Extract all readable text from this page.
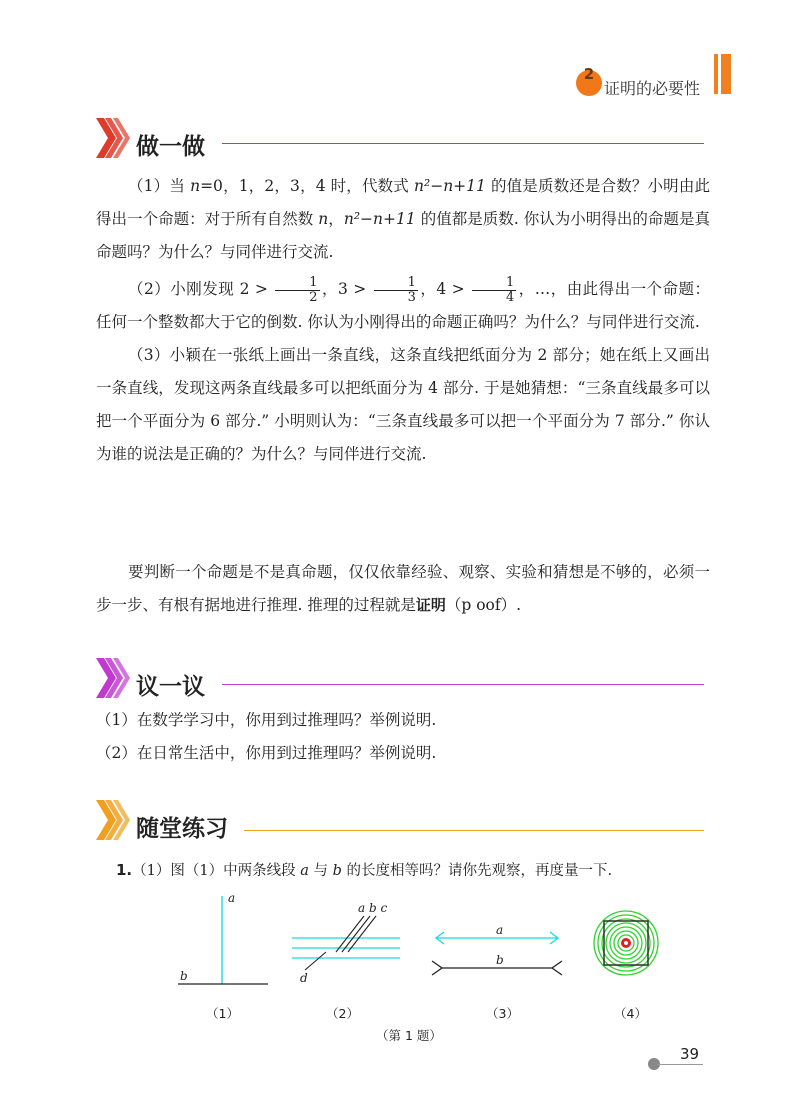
2
证明的必要性
做一做

（1）当 n=0，1，2，3，4 时，代数式 n²−n+11 的值是质数还是合数？小明由此得出一个命题：对于所有自然数 n，n²−n+11 的值都是质数. 你认为小明得出的命题是真命题吗？为什么？与同伴进行交流.

（2）小刚发现 $2 > \frac{1}{2}$ ，$3 > \frac{1}{3}$ ，$4 > \frac{1}{4}$ ，…，由此得出一个命题：任何一个整数都大于它的倒数. 你认为小刚得出的命题正确吗？为什么？与同伴进行交流.

（3）小颖在一张纸上画出一条直线，这条直线把纸面分为 2 部分；她在纸上又画出一条直线，发现这两条直线最多可以把纸面分为 4 部分. 于是她猜想：“三条直线最多可以把一个平面分为 6 部分.” 小明则认为：“三条直线最多可以把一个平面分为 7 部分.” 你认为谁的说法是正确的？为什么？与同伴进行交流.

要判断一个命题是不是真命题，仅仅依靠经验、观察、实验和猜想是不够的，必须一步一步、有根有据地进行推理. 推理的过程就是证明（p oof）.

议一议
（1）在数学学习中，你用到过推理吗？举例说明.
（2）在日常生活中，你用到过推理吗？举例说明.
随堂练习
1.（1）图（1）中两条线段 a 与 b 的长度相等吗？请你先观察，再度量一下.
a
b
a b c
d
a
b
（1）	（2）	（3）	（4）
（第 1 题）
39
